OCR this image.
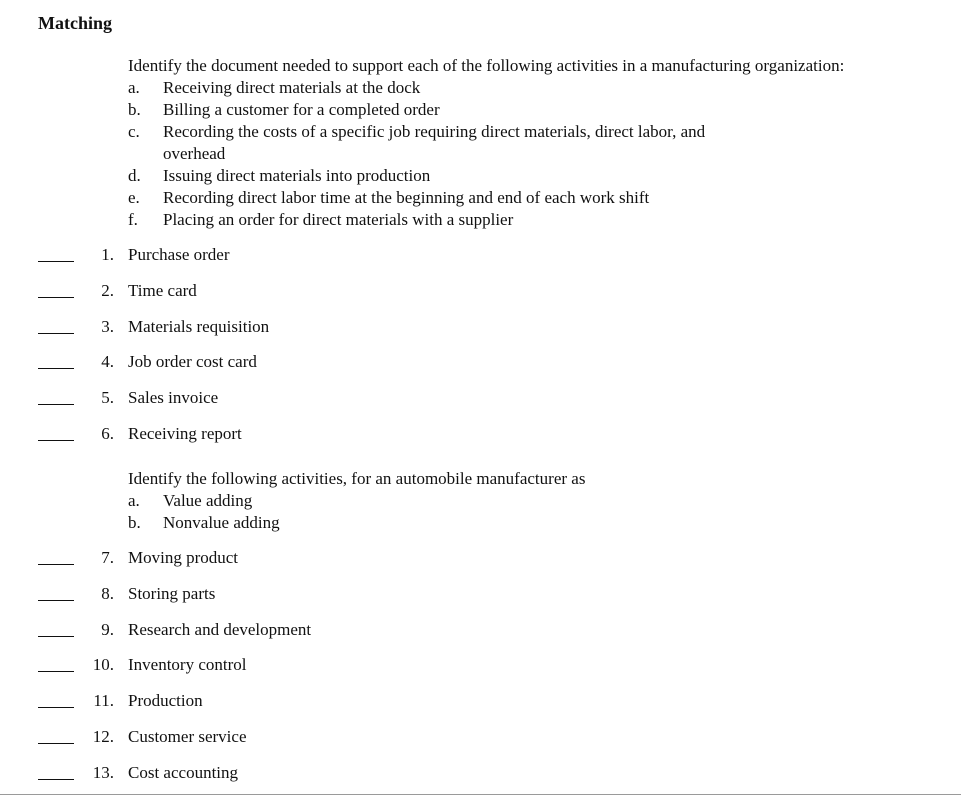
Matching
Identify the document needed to support each of the following activities in a manufacturing organization:
a.	Receiving direct materials at the dock
b.	Billing a customer for a completed order
c.	Recording the costs of a specific job requiring direct materials, direct labor, and
overhead
d.	Issuing direct materials into production
e.	Recording direct labor time at the beginning and end of each work shift
f.	Placing an order for direct materials with a supplier
1. Purchase order
2. Time card
3. Materials requisition
4. Job order cost card
5. Sales invoice
6. Receiving report
Identify the following activities, for an automobile manufacturer as
a.	Value adding
b.	Nonvalue adding
7. Moving product
8. Storing parts
9. Research and development
10. Inventory control
11. Production
12. Customer service
13. Cost accounting
